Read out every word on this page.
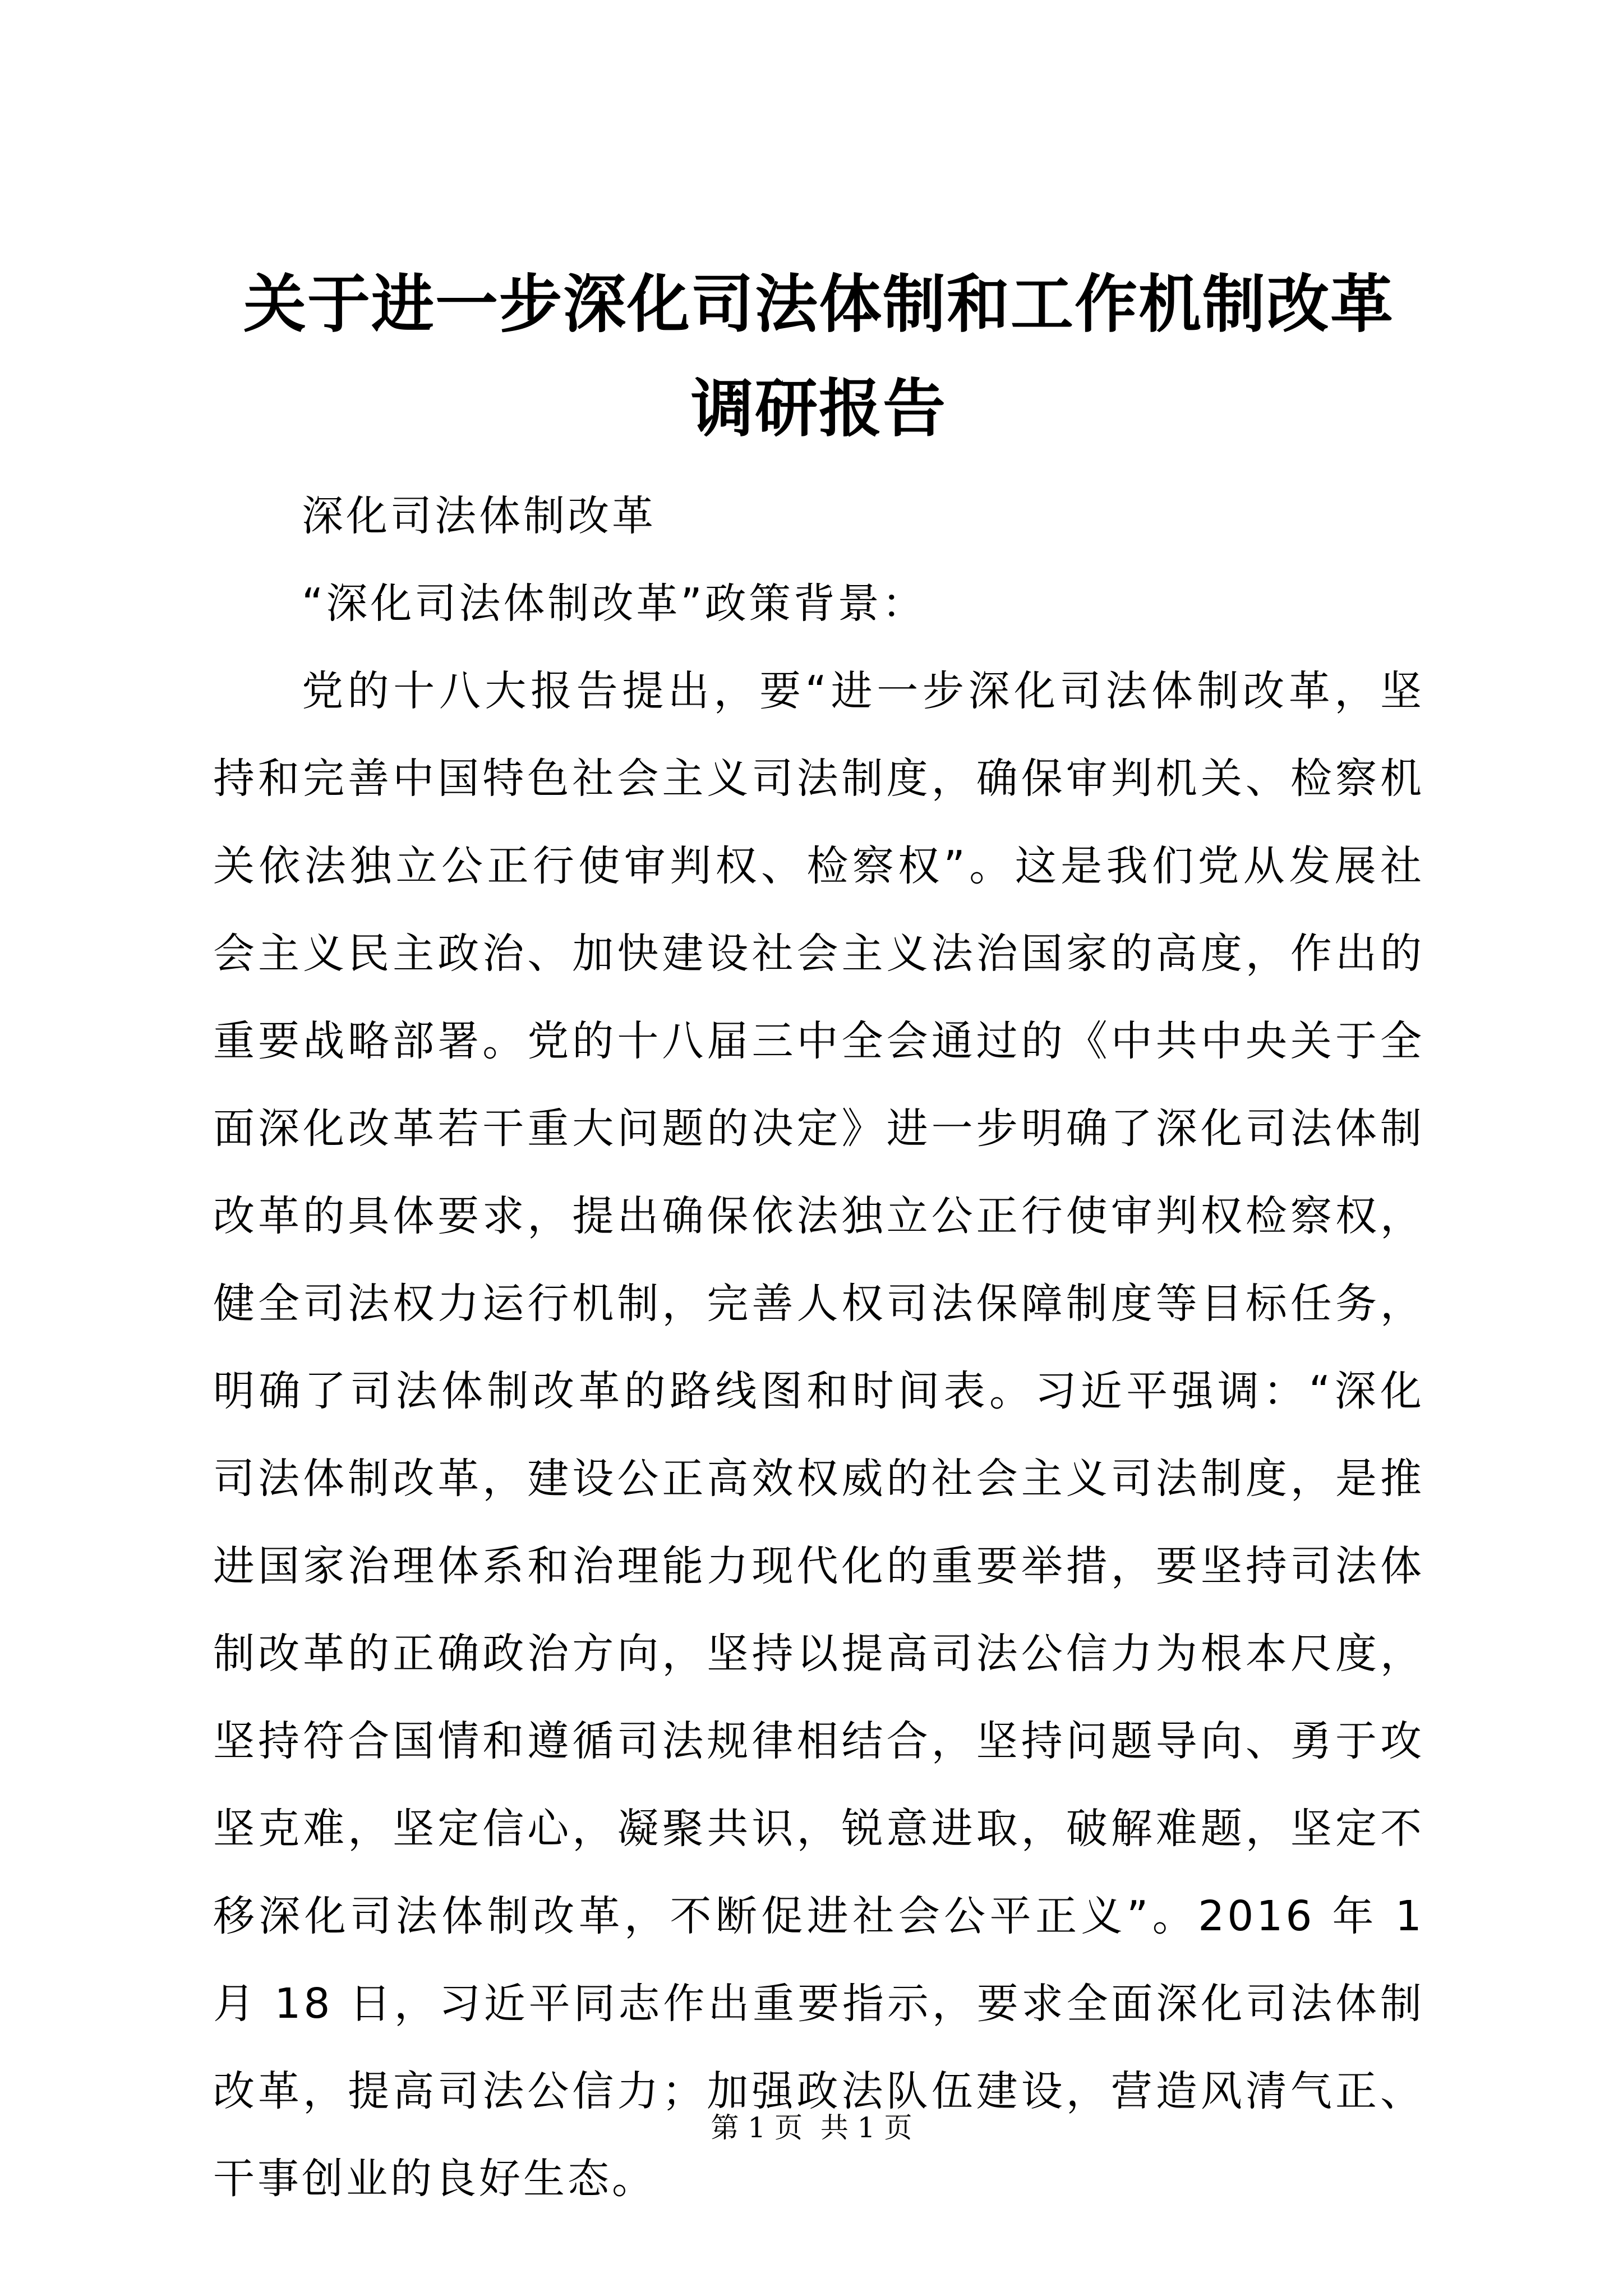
关于进一步深化司法体制和工作机制改革调研报告

深化司法体制改革

“深化司法体制改革”政策背景：

党的十八大报告提出，要“进一步深化司法体制改革，坚持和完善中国特色社会主义司法制度，确保审判机关、检察机关依法独立公正行使审判权、检察权”。这是我们党从发展社会主义民主政治、加快建设社会主义法治国家的高度，作出的重要战略部署。党的十八届三中全会通过的《中共中央关于全面深化改革若干重大问题的决定》进一步明确了深化司法体制改革的具体要求，提出确保依法独立公正行使审判权检察权，健全司法权力运行机制，完善人权司法保障制度等目标任务，明确了司法体制改革的路线图和时间表。习近平强调：“深化司法体制改革，建设公正高效权威的社会主义司法制度，是推进国家治理体系和治理能力现代化的重要举措，要坚持司法体制改革的正确政治方向，坚持以提高司法公信力为根本尺度，坚持符合国情和遵循司法规律相结合，坚持问题导向、勇于攻坚克难，坚定信心，凝聚共识，锐意进取，破解难题，坚定不移深化司法体制改革，不断促进社会公平正义”。2016 年 1 月 18 日，习近平同志作出重要指示，要求全面深化司法体制改革，提高司法公信力；加强政法队伍建设，营造风清气正、干事创业的良好生态。

第 1 页  共 1 页
